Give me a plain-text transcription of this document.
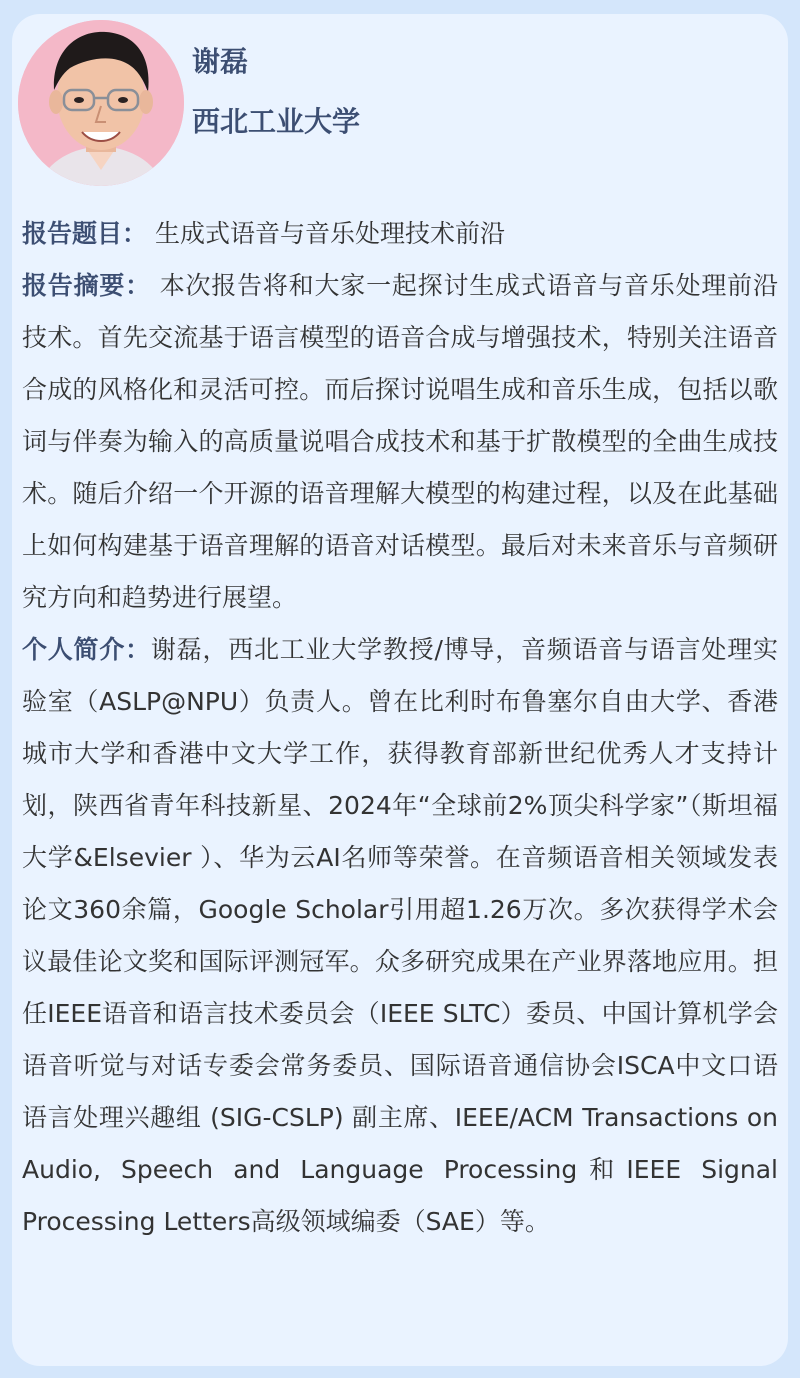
谢磊
西北工业大学

报告题目： 生成式语音与音乐处理技术前沿

报告摘要： 本次报告将和大家一起探讨生成式语音与音乐处理前沿技术。首先交流基于语言模型的语音合成与增强技术，特别关注语音合成的风格化和灵活可控。而后探讨说唱生成和音乐生成，包括以歌词与伴奏为输入的高质量说唱合成技术和基于扩散模型的全曲生成技术。随后介绍一个开源的语音理解大模型的构建过程，以及在此基础上如何构建基于语音理解的语音对话模型。最后对未来音乐与音频研究方向和趋势进行展望。

个人简介：谢磊，西北工业大学教授/博导，音频语音与语言处理实验室（ASLP@NPU）负责人。曾在比利时布鲁塞尔自由大学、香港城市大学和香港中文大学工作，获得教育部新世纪优秀人才支持计划，陕西省青年科技新星、2024年“全球前2%顶尖科学家”（斯坦福大学&Elsevier ）、华为云AI名师等荣誉。在音频语音相关领域发表论文360余篇，Google Scholar引用超1.26万次。多次获得学术会议最佳论文奖和国际评测冠军。众多研究成果在产业界落地应用。担任IEEE语音和语言技术委员会（IEEE SLTC）委员、中国计算机学会语音听觉与对话专委会常务委员、国际语音通信协会ISCA中文口语语言处理兴趣组 (SIG-CSLP) 副主席、IEEE/ACM Transactions on Audio, Speech and Language Processing和IEEE Signal Processing Letters高级领域编委（SAE）等。
